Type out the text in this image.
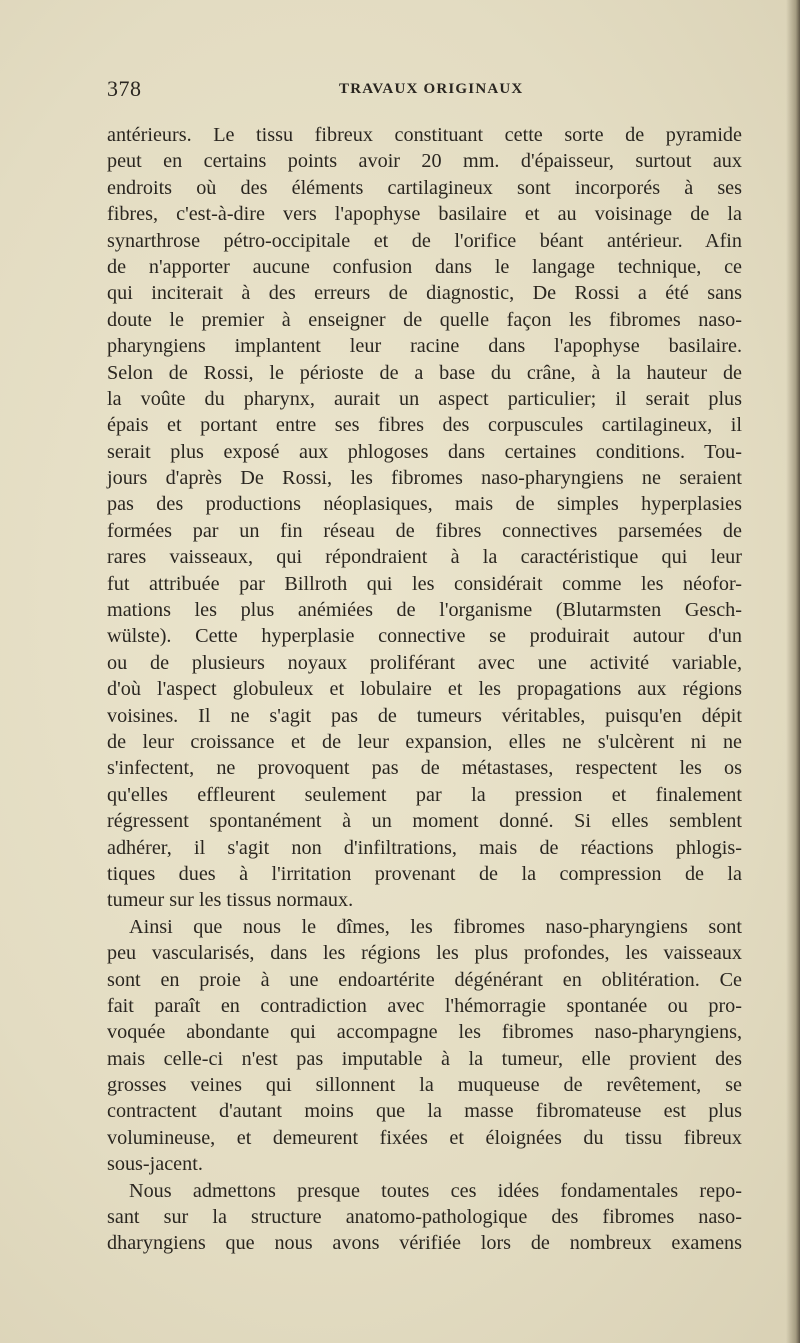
378	TRAVAUX ORIGINAUX
antérieurs. Le tissu fibreux constituant cette sorte de pyramide
peut en certains points avoir 20 mm. d'épaisseur, surtout aux
endroits où des éléments cartilagineux sont incorporés à ses
fibres, c'est-à-dire vers l'apophyse basilaire et au voisinage de la
synarthrose pétro-occipitale et de l'orifice béant antérieur. Afin
de n'apporter aucune confusion dans le langage technique, ce
qui inciterait à des erreurs de diagnostic, De Rossi a été sans
doute le premier à enseigner de quelle façon les fibromes naso-
pharyngiens implantent leur racine dans l'apophyse basilaire.
Selon de Rossi, le périoste de a base du crâne, à la hauteur de
la voûte du pharynx, aurait un aspect particulier; il serait plus
épais et portant entre ses fibres des corpuscules cartilagineux, il
serait plus exposé aux phlogoses dans certaines conditions. Tou-
jours d'après De Rossi, les fibromes naso-pharyngiens ne seraient
pas des productions néoplasiques, mais de simples hyperplasies
formées par un fin réseau de fibres connectives parsemées de
rares vaisseaux, qui répondraient à la caractéristique qui leur
fut attribuée par Billroth qui les considérait comme les néofor-
mations les plus anémiées de l'organisme (Blutarmsten Gesch-
wülste). Cette hyperplasie connective se produirait autour d'un
ou de plusieurs noyaux proliférant avec une activité variable,
d'où l'aspect globuleux et lobulaire et les propagations aux régions
voisines. Il ne s'agit pas de tumeurs véritables, puisqu'en dépit
de leur croissance et de leur expansion, elles ne s'ulcèrent ni ne
s'infectent, ne provoquent pas de métastases, respectent les os
qu'elles effleurent seulement par la pression et finalement
régressent spontanément à un moment donné. Si elles semblent
adhérer, il s'agit non d'infiltrations, mais de réactions phlogis-
tiques dues à l'irritation provenant de la compression de la
tumeur sur les tissus normaux.
Ainsi que nous le dîmes, les fibromes naso-pharyngiens sont
peu vascularisés, dans les régions les plus profondes, les vaisseaux
sont en proie à une endoartérite dégénérant en oblitération. Ce
fait paraît en contradiction avec l'hémorragie spontanée ou pro-
voquée abondante qui accompagne les fibromes naso-pharyngiens,
mais celle-ci n'est pas imputable à la tumeur, elle provient des
grosses veines qui sillonnent la muqueuse de revêtement, se
contractent d'autant moins que la masse fibromateuse est plus
volumineuse, et demeurent fixées et éloignées du tissu fibreux
sous-jacent.
Nous admettons presque toutes ces idées fondamentales repo-
sant sur la structure anatomo-pathologique des fibromes naso-
dharyngiens que nous avons vérifiée lors de nombreux examens
